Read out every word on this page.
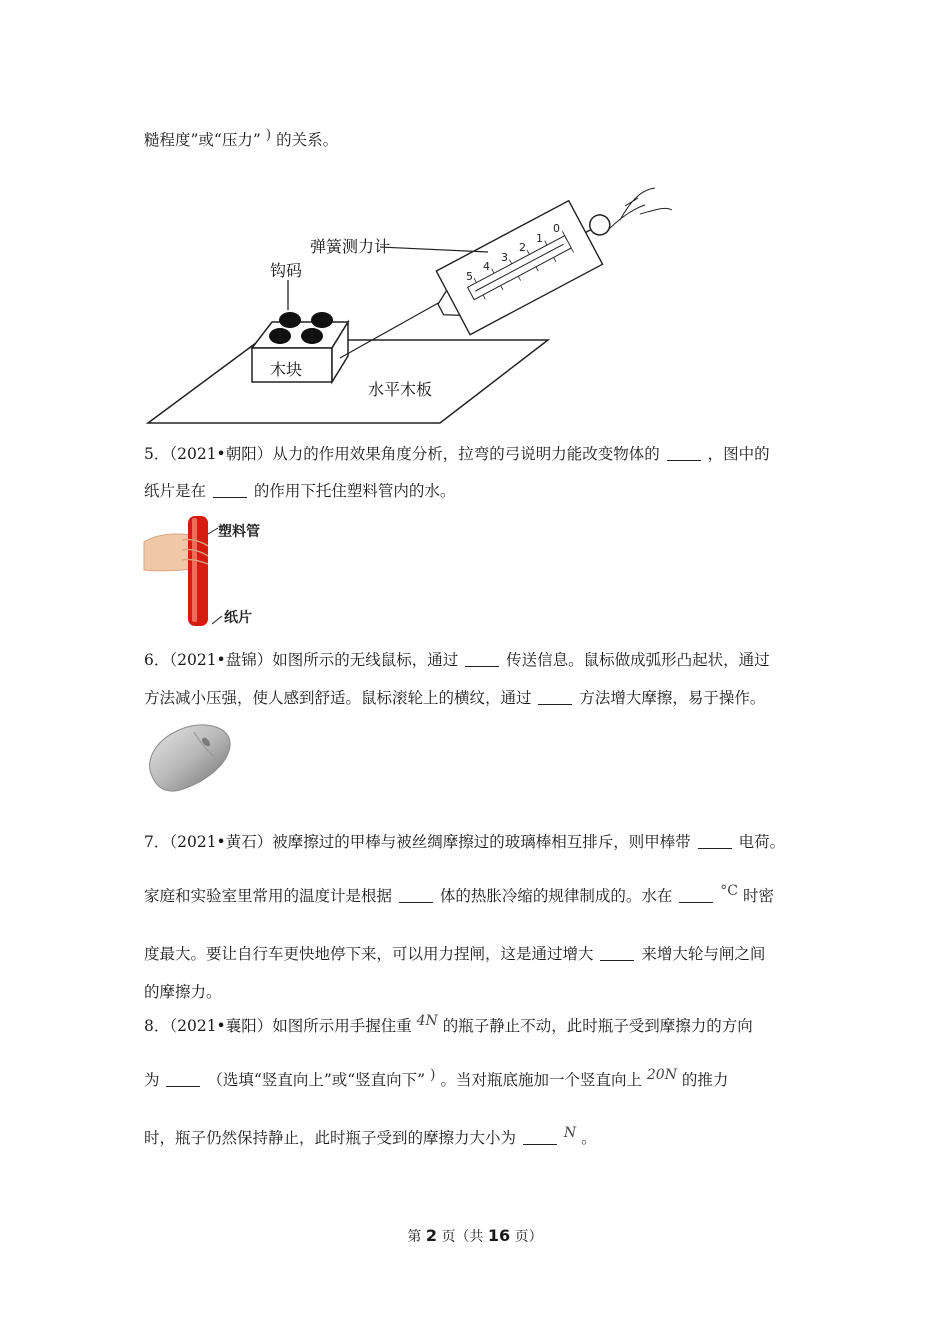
糙程度”或“压力” ) 的关系。
钩码
木块
水平木板
0
1
2
3
4
5
弹簧测力计
5．（2021•朝阳）从力的作用效果角度分析，拉弯的弓说明力能改变物体的	，图中的
纸片是在	的作用下托住塑料管内的水。
塑料管
纸片
6．（2021•盘锦）如图所示的无线鼠标，通过	传送信息。鼠标做成弧形凸起状，通过
方法减小压强，使人感到舒适。鼠标滚轮上的横纹，通过	方法增大摩擦，易于操作。
7．（2021•黄石）被摩擦过的甲棒与被丝绸摩擦过的玻璃棒相互排斥，则甲棒带	电荷。
家庭和实验室里常用的温度计是根据	体的热胀冷缩的规律制成的。水在	°C 时密
度最大。要让自行车更快地停下来，可以用力捏闸，这是通过增大	来增大轮与闸之间
的摩擦力。
8．（2021•襄阳）如图所示用手握住重 4N 的瓶子静止不动，此时瓶子受到摩擦力的方向
为	（选填“竖直向上”或“竖直向下” ) 。当对瓶底施加一个竖直向上 20N 的推力
时，瓶子仍然保持静止，此时瓶子受到的摩擦力大小为	N 。
第 2 页（共 16 页）
